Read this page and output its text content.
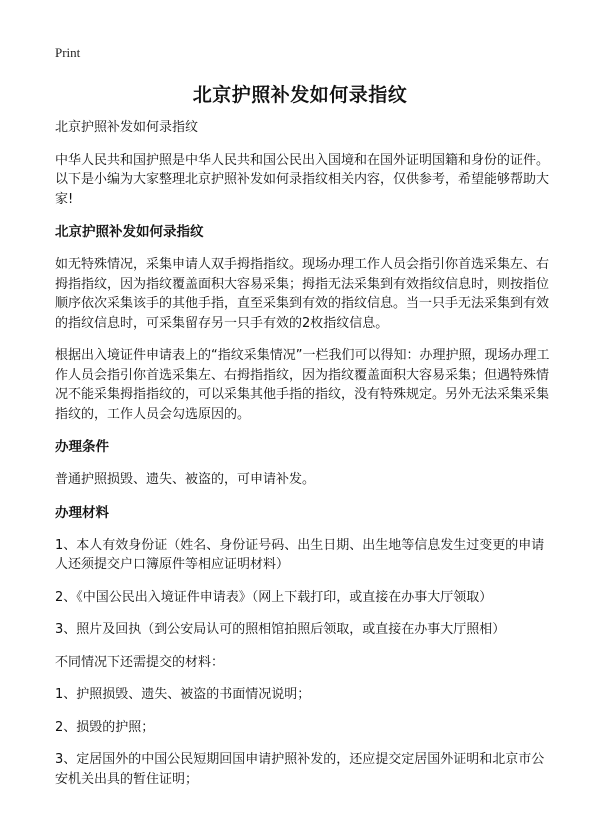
Print
北京护照补发如何录指纹

北京护照补发如何录指纹

中华人民共和国护照是中华人民共和国公民出入国境和在国外证明国籍和身份的证件。以下是小编为大家整理北京护照补发如何录指纹相关内容，仅供参考，希望能够帮助大家!

北京护照补发如何录指纹

如无特殊情况，采集申请人双手拇指指纹。现场办理工作人员会指引你首选采集左、右拇指指纹，因为指纹覆盖面积大容易采集；拇指无法采集到有效指纹信息时，则按指位顺序依次采集该手的其他手指，直至采集到有效的指纹信息。当一只手无法采集到有效的指纹信息时，可采集留存另一只手有效的2枚指纹信息。

根据出入境证件申请表上的“指纹采集情况”一栏我们可以得知：办理护照，现场办理工作人员会指引你首选采集左、右拇指指纹，因为指纹覆盖面积大容易采集；但遇特殊情况不能采集拇指指纹的，可以采集其他手指的指纹，没有特殊规定。另外无法采集采集指纹的，工作人员会勾选原因的。

办理条件

普通护照损毁、遗失、被盗的，可申请补发。

办理材料

1、本人有效身份证（姓名、身份证号码、出生日期、出生地等信息发生过变更的申请人还须提交户口簿原件等相应证明材料）

2、《中国公民出入境证件申请表》（网上下载打印，或直接在办事大厅领取）

3、照片及回执（到公安局认可的照相馆拍照后领取，或直接在办事大厅照相）

不同情况下还需提交的材料：

1、护照损毁、遗失、被盗的书面情况说明；

2、损毁的护照；

3、定居国外的中国公民短期回国申请护照补发的，还应提交定居国外证明和北京市公安机关出具的暂住证明；
